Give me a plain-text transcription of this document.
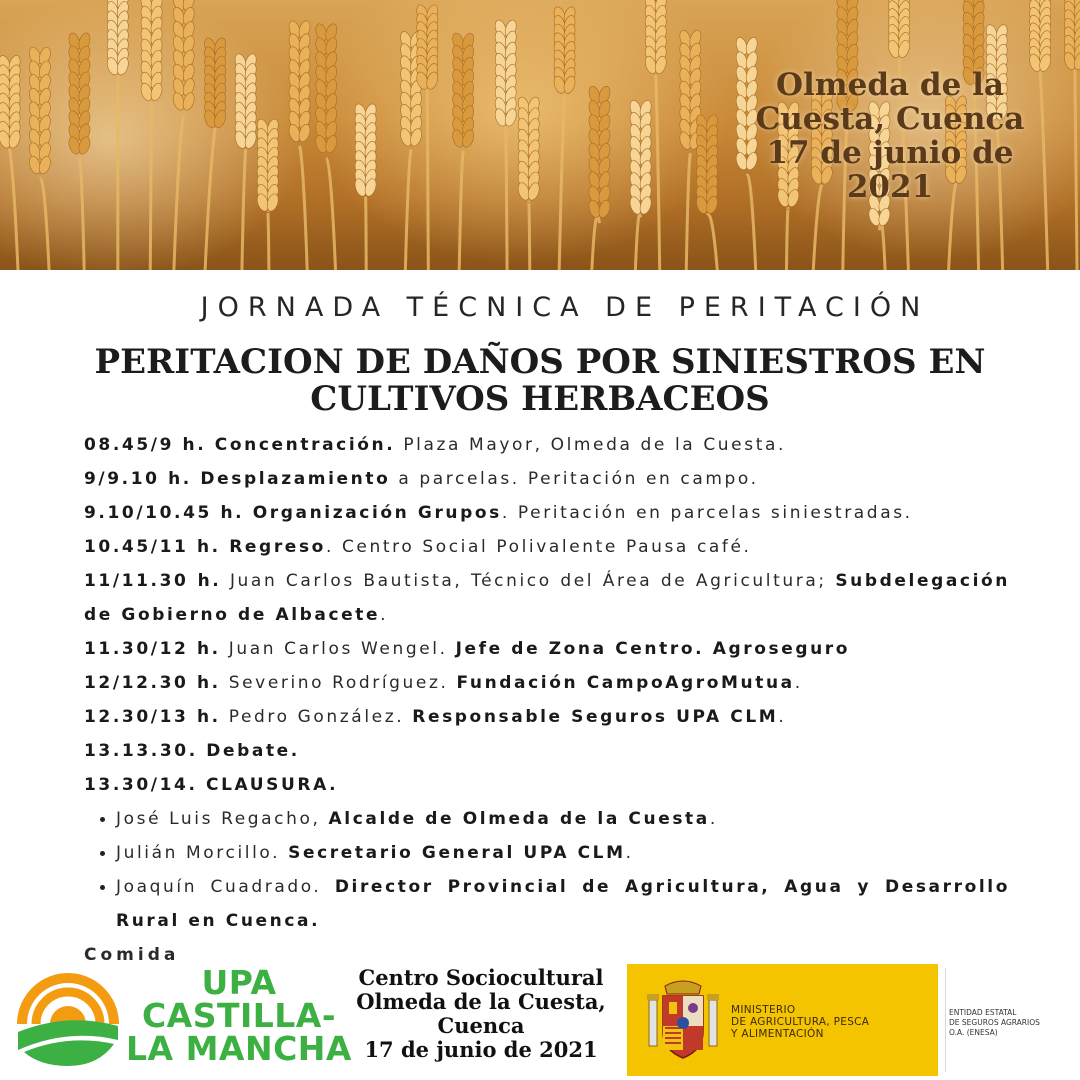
Olmeda de la
Cuesta, Cuenca
17 de junio de
2021
JORNADA TÉCNICA DE PERITACIÓN
PERITACION DE DAÑOS POR SINIESTROS EN
CULTIVOS HERBACEOS

08.45/9 h. Concentración. Plaza Mayor, Olmeda de la Cuesta.

9/9.10 h. Desplazamiento a parcelas. Peritación en campo.

9.10/10.45 h. Organización Grupos. Peritación en parcelas siniestradas.

10.45/11 h. Regreso. Centro Social Polivalente Pausa café.

11/11.30 h. Juan Carlos Bautista, Técnico del Área de Agricultura; Subdelegación de Gobierno de Albacete.

11.30/12 h. Juan Carlos Wengel. Jefe de Zona Centro. Agroseguro

12/12.30 h. Severino Rodríguez. Fundación CampoAgroMutua.

12.30/13 h. Pedro González. Responsable Seguros UPA CLM.

13.13.30. Debate.

13.30/14. CLAUSURA.

José Luis Regacho, Alcalde de Olmeda de la Cuesta.
Julián Morcillo. Secretario General UPA CLM.
Joaquín Cuadrado. Director Provincial de Agricultura, Agua y Desarrollo Rural en Cuenca.

Comida

UPA
CASTILLA-
LA MANCHA
Centro Sociocultural
Olmeda de la Cuesta,
Cuenca
17 de junio de 2021
MINISTERIO
DE AGRICULTURA, PESCA
Y ALIMENTACIÓN
ENTIDAD ESTATAL
DE SEGUROS AGRARIOS
O.A. (ENESA)
